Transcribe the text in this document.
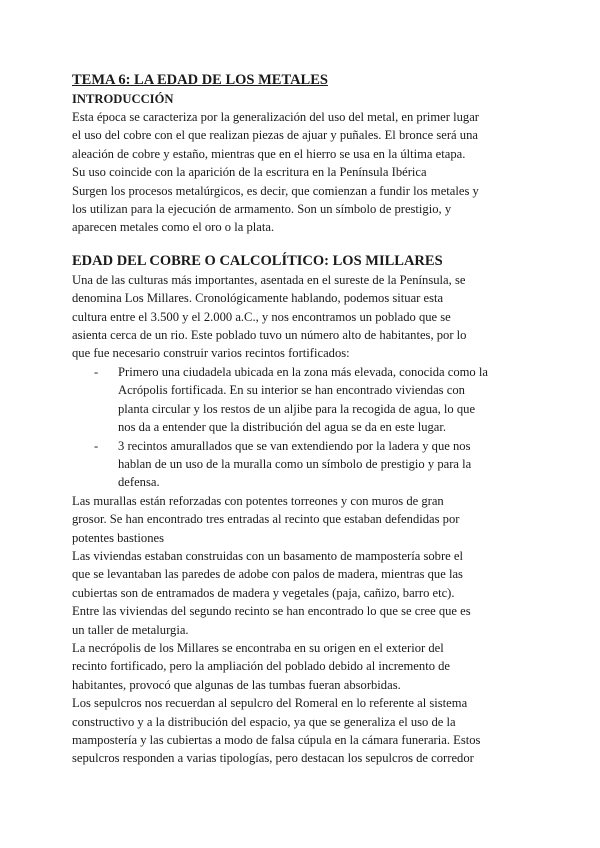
TEMA 6: LA EDAD DE LOS METALES
INTRODUCCIÓN
Esta época se caracteriza por la generalización del uso del metal, en primer lugar
el uso del cobre con el que realizan piezas de ajuar y puñales. El bronce será una
aleación de cobre y estaño, mientras que en el hierro se usa en la última etapa.
Su uso coincide con la aparición de la escritura en la Península Ibérica
Surgen los procesos metalúrgicos, es decir, que comienzan a fundir los metales y
los utilizan para la ejecución de armamento. Son un símbolo de prestigio, y
aparecen metales como el oro o la plata.
EDAD DEL COBRE O CALCOLÍTICO: LOS MILLARES
Una de las culturas más importantes, asentada en el sureste de la Península, se
denomina Los Millares. Cronológicamente hablando, podemos situar esta
cultura entre el 3.500 y el 2.000 a.C., y nos encontramos un poblado que se
asienta cerca de un rio. Este poblado tuvo un número alto de habitantes, por lo
que fue necesario construir varios recintos fortificados:
- Primero una ciudadela ubicada en la zona más elevada, conocida como la
Acrópolis fortificada. En su interior se han encontrado viviendas con
planta circular y los restos de un aljibe para la recogida de agua, lo que
nos da a entender que la distribución del agua se da en este lugar.
- 3 recintos amurallados que se van extendiendo por la ladera y que nos
hablan de un uso de la muralla como un símbolo de prestigio y para la
defensa.
Las murallas están reforzadas con potentes torreones y con muros de gran
grosor. Se han encontrado tres entradas al recinto que estaban defendidas por
potentes bastiones
Las viviendas estaban construidas con un basamento de mampostería sobre el
que se levantaban las paredes de adobe con palos de madera, mientras que las
cubiertas son de entramados de madera y vegetales (paja, cañizo, barro etc).
Entre las viviendas del segundo recinto se han encontrado lo que se cree que es
un taller de metalurgia.
La necrópolis de los Millares se encontraba en su origen en el exterior del
recinto fortificado, pero la ampliación del poblado debido al incremento de
habitantes, provocó que algunas de las tumbas fueran absorbidas.
Los sepulcros nos recuerdan al sepulcro del Romeral en lo referente al sistema
constructivo y a la distribución del espacio, ya que se generaliza el uso de la
mampostería y las cubiertas a modo de falsa cúpula en la cámara funeraria. Estos
sepulcros responden a varias tipologías, pero destacan los sepulcros de corredor
